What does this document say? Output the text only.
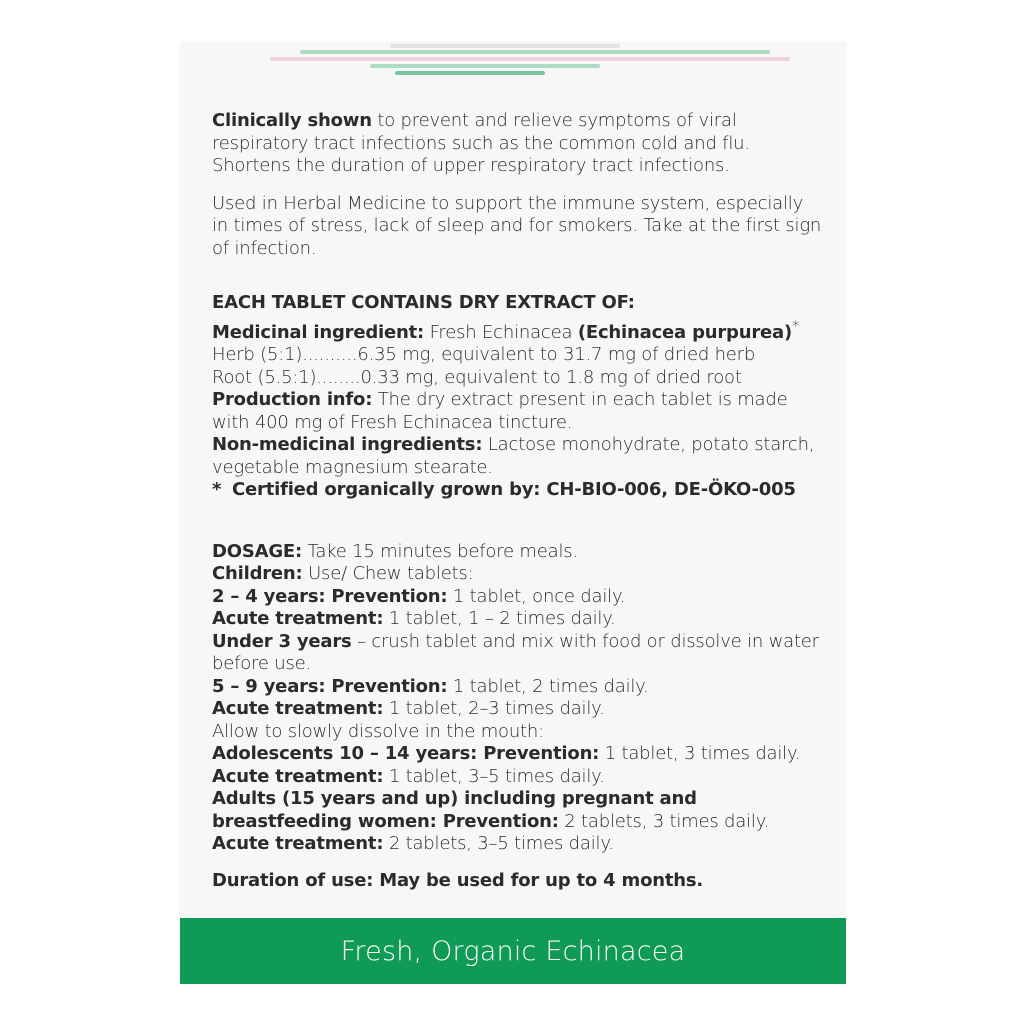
Clinically shown to prevent and relieve symptoms of viral respiratory tract infections such as the common cold and flu. Shortens the duration of upper respiratory tract infections.

Used in Herbal Medicine to support the immune system, especially in times of stress, lack of sleep and for smokers. Take at the first sign of infection.

EACH TABLET CONTAINS DRY EXTRACT OF:

Medicinal ingredient: Fresh Echinacea (Echinacea purpurea)*

Herb (5:1)..........6.35 mg, equivalent to 31.7 mg of dried herb

Root (5.5:1)........0.33 mg, equivalent to 1.8 mg of dried root

Production info: The dry extract present in each tablet is made with 400 mg of Fresh Echinacea tincture.

Non-medicinal ingredients: Lactose monohydrate, potato starch, vegetable magnesium stearate.

* Certified organically grown by: CH-BIO-006, DE-ÖKO-005

DOSAGE: Take 15 minutes before meals.

Children: Use/ Chew tablets:

2 – 4 years: Prevention: 1 tablet, once daily.

Acute treatment: 1 tablet, 1 – 2 times daily.

Under 3 years – crush tablet and mix with food or dissolve in water before use.

5 – 9 years: Prevention: 1 tablet, 2 times daily.

Acute treatment: 1 tablet, 2–3 times daily.

Allow to slowly dissolve in the mouth:

Adolescents 10 – 14 years: Prevention: 1 tablet, 3 times daily.

Acute treatment: 1 tablet, 3–5 times daily.

Adults (15 years and up) including pregnant and breastfeeding women: Prevention: 2 tablets, 3 times daily.

Acute treatment: 2 tablets, 3–5 times daily.

Duration of use: May be used for up to 4 months.

Fresh, Organic Echinacea
